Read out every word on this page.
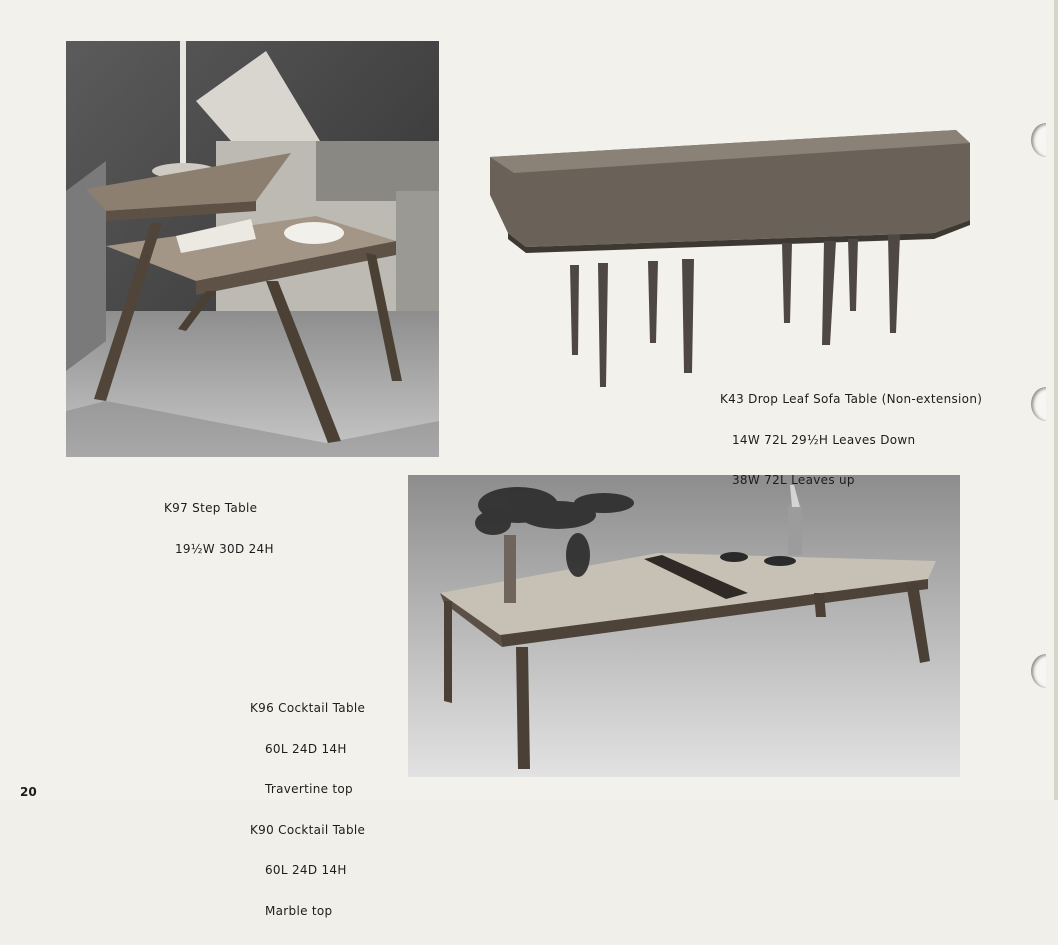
K97 Step Table

19½W 30D 24H

K43 Drop Leaf Sofa Table (Non-extension)

14W 72L 29½H Leaves Down

38W 72L Leaves up

K96 Cocktail Table

60L 24D 14H

Travertine top

K90 Cocktail Table

60L 24D 14H

Marble top

20
